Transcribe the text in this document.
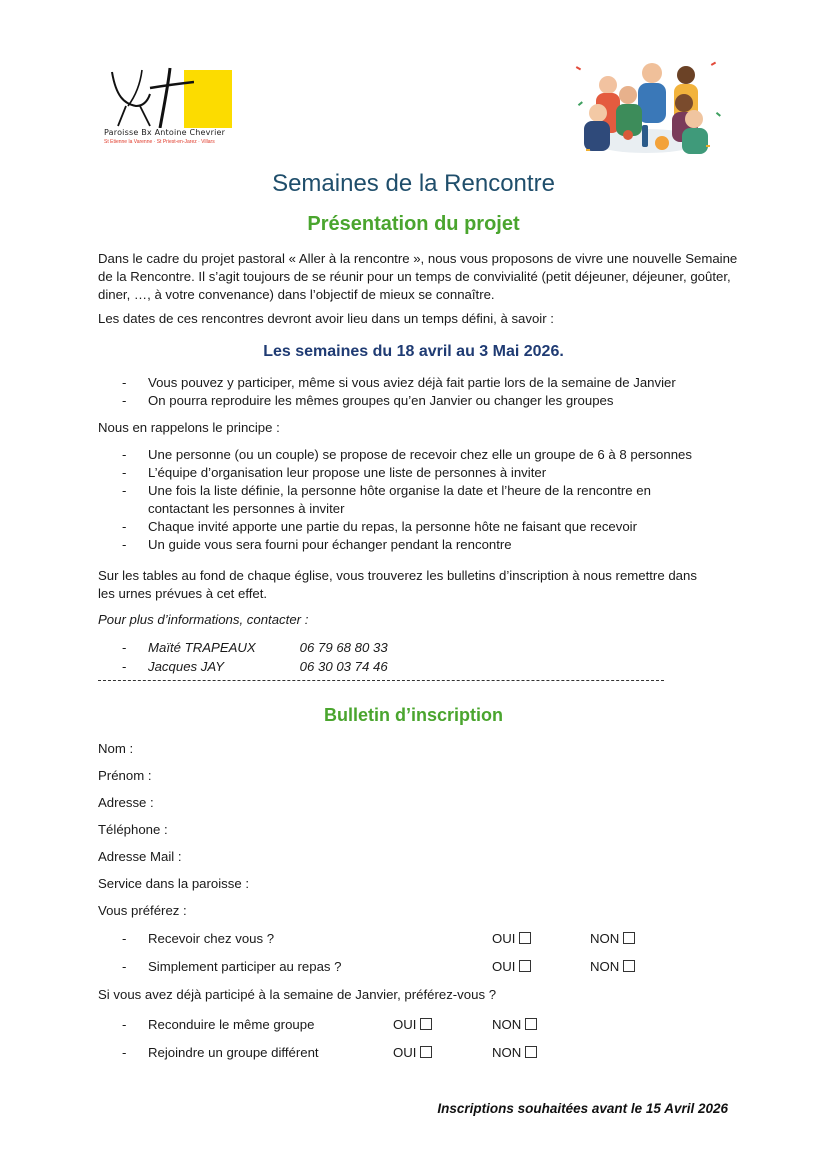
Paroisse Bx Antoine Chevrier
St Etienne la Varenne · St Priest-en-Jarez · Villars
Semaines de la Rencontre
Présentation du projet

Dans le cadre du projet pastoral « Aller à la rencontre », nous vous proposons de vivre une nouvelle Semaine de la Rencontre. Il s’agit toujours de se réunir pour un temps de convivialité (petit déjeuner, déjeuner, goûter, diner, …, à votre convenance) dans l’objectif de mieux se connaître.

Les dates de ces rencontres devront avoir lieu dans un temps défini, à savoir :

Les semaines du 18 avril au 3 Mai 2026.
- Vous pouvez y participer, même si vous aviez déjà fait partie lors de la semaine de Janvier
- On pourra reproduire les mêmes groupes qu’en Janvier ou changer les groupes

Nous en rappelons le principe :

- Une personne (ou un couple) se propose de recevoir chez elle un groupe de 6 à 8 personnes
- L’équipe d’organisation leur propose une liste de personnes à inviter
- Une fois la liste définie, la personne hôte organise la date et l’heure de la rencontre en contactant les personnes à inviter
- Chaque invité apporte une partie du repas, la personne hôte ne faisant que recevoir
- Un guide vous sera fourni pour échanger pendant la rencontre

Sur les tables au fond de chaque église, vous trouverez les bulletins d’inscription à nous remettre dans les urnes prévues à cet effet.

Pour plus d’informations, contacter :

- Maïté TRAPEAUX	06 79 68 80 33
- Jacques JAY	06 30 03 74 46
Bulletin d’inscription
Nom :
Prénom :
Adresse :
Téléphone :
Adresse Mail :
Service dans la paroisse :
Vous préférez :
- Recevoir chez vous ?	OUI	NON
- Simplement participer au repas ?	OUI	NON
Si vous avez déjà participé à la semaine de Janvier, préférez-vous ?
- Reconduire le même groupe	OUI	NON
- Rejoindre un groupe différent	OUI	NON
Inscriptions souhaitées avant le 15 Avril 2026
